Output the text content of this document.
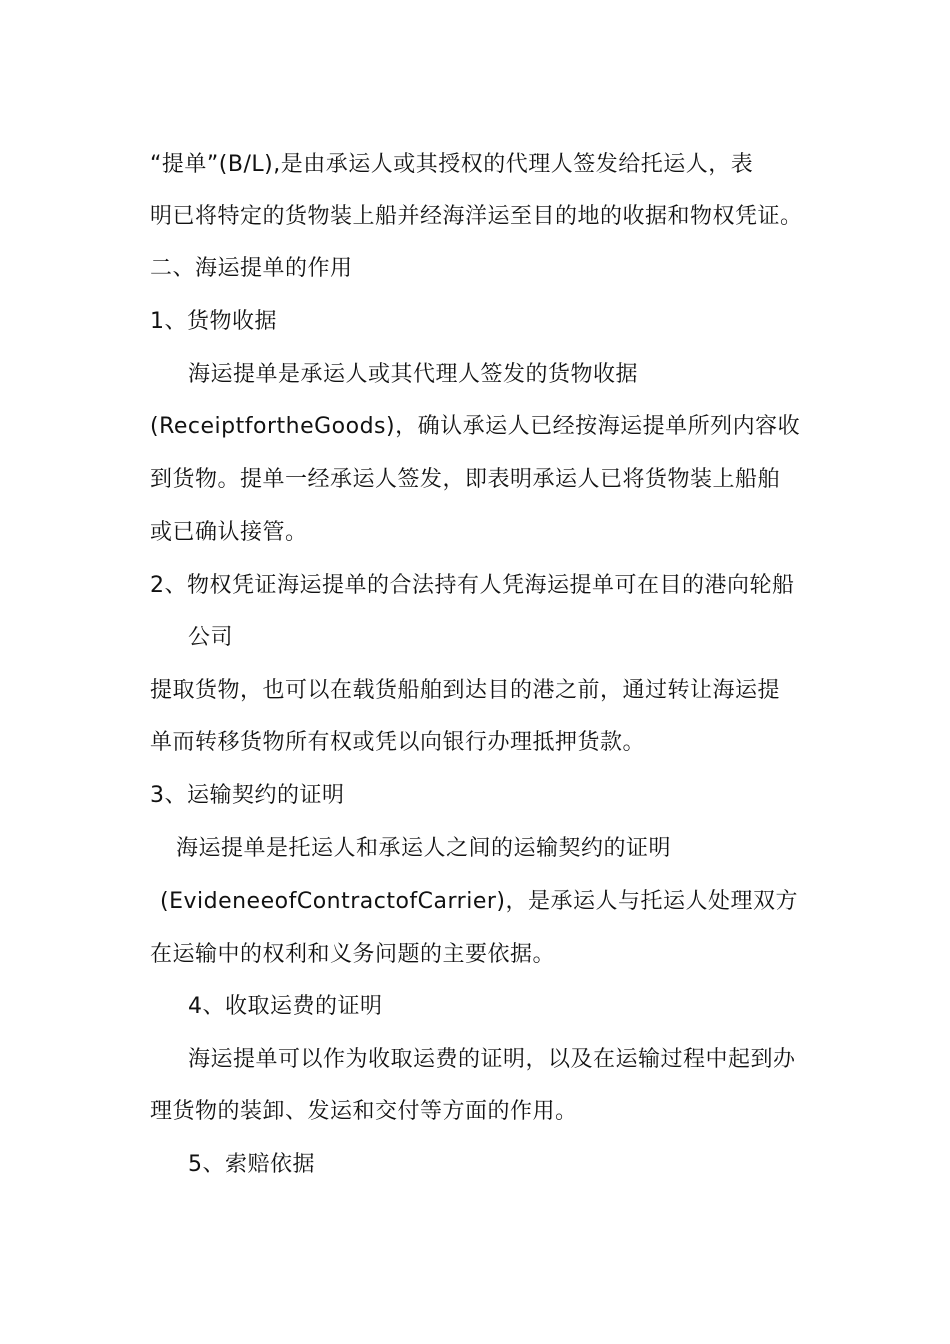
“提单”(B/L),是由承运人或其授权的代理人签发给托运人，表
明已将特定的货物装上船并经海洋运至目的地的收据和物权凭证。
二、海运提单的作用
1、货物收据
海运提单是承运人或其代理人签发的货物收据
(ReceiptfortheGoods)，确认承运人已经按海运提单所列内容收
到货物。提单一经承运人签发，即表明承运人已将货物装上船舶
或已确认接管。
2、物权凭证海运提单的合法持有人凭海运提单可在目的港向轮船
公司
提取货物，也可以在载货船舶到达目的港之前，通过转让海运提
单而转移货物所有权或凭以向银行办理抵押货款。
3、运输契约的证明
海运提单是托运人和承运人之间的运输契约的证明
(EvideneeofContractofCarrier)，是承运人与托运人处理双方
在运输中的权利和义务问题的主要依据。
4、收取运费的证明
海运提单可以作为收取运费的证明，以及在运输过程中起到办
理货物的装卸、发运和交付等方面的作用。
5、索赔依据
